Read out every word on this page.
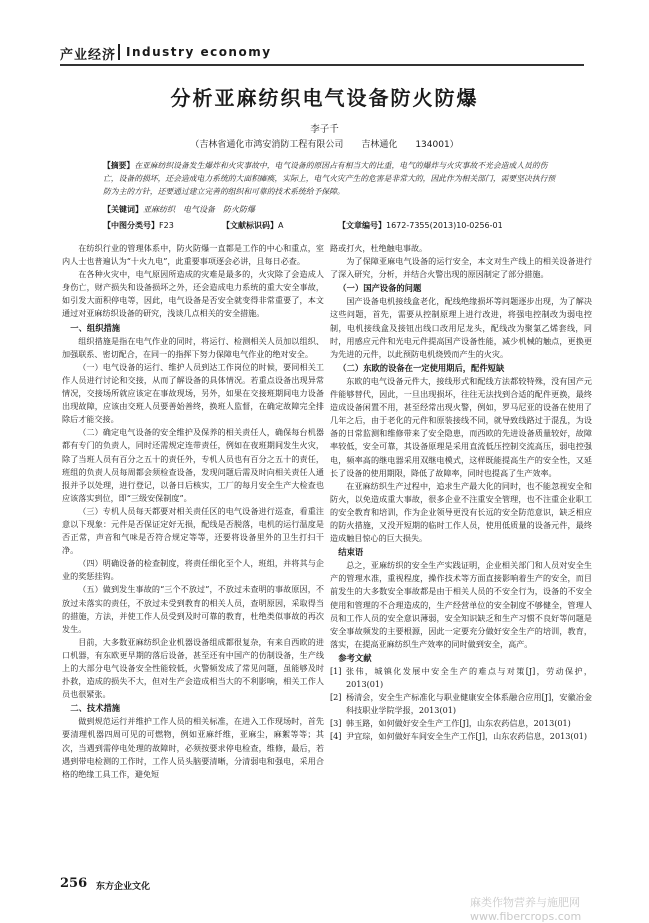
产业经济 Industry economy
分析亚麻纺织电气设备防火防爆
李子千
（吉林省通化市鸿安消防工程有限公司　　吉林通化　　134001）
【摘要】在亚麻纺织设备发生爆炸和火灾事故中，电气设备的原因占有相当大的比重，电气的爆炸与火灾事故不光会造成人员的伤亡，设备的损坏，还会造成电力系统的大面积瘫痪，实际上，电气火灾产生的危害是非常大的，因此作为相关部门，需要坚决执行预防为主的方针，还要通过建立完善的组织和可靠的技术系统给予保障。
【关键词】亚麻纺织　电气设备　防火防爆
【中图分类号】F23	【文献标识码】A	【文章编号】1672-7355(2013)10-0256-01

在纺织行业的管理体系中，防火防爆一直都是工作的中心和重点，室内人士也普遍认为“十火九电”，此重要事项逐会必讲，且每日必查。

在各种火灾中，电气原因所造成的灾难是最多的，火灾除了会造成人身伤亡，财产损失和设备损坏之外，还会造成电力系统的重大安全事故，如引发大面积停电等，因此，电气设备是否安全就变得非常重要了，本文通过对亚麻纺织设备的研究，浅谈几点相关的安全措施。

一、组织措施

组织措施是指在电气作业的同时，将运行、检测相关人员加以组织、加强联系、密切配合，在同一的指挥下努力保障电气作业的绝对安全。

（一）电气设备的运行、维护人员到达工作岗位的时候，要同相关工作人员进行讨论和交接，从而了解设备的具体情况。若重点设备出现异常情况，交接场所就应该定在事故现场，另外，如果在交接班期间电力设备出现故障，应该由交班人员要善始善终，换班人监督，在确定故障完全排除后才能交接。

（二）确定电气设备的安全维护及保养的相关责任人，确保每台机器都有专门的负责人，同时还需规定连带责任，例如在夜班期间发生火灾，除了当班人员有百分之五十的责任外，专机人员也有百分之五十的责任，班组的负责人员每周都会须检查设备，发现问题后需及时向相关责任人通报并予以处理，进行登记，以备日后核实，工厂的每月安全生产大检查也应该落实到位，即“三级安保制度”。

（三）专机人员每天都要对相关责任区的电气设备进行巡查，看重注意以下现象：元件是否保证定好无损，配线是否脱落，电机的运行温度是否正常，声音和气味是否符合规定等等，还要将设备里外的卫生打扫干净。

（四）明确设备的检查制度，将责任细化至个人，班组，并将其与企业的奖惩挂钩。

（五）做到发生事故的“三个不放过”，不放过未查明的事故原因，不放过未落实的责任，不放过未受到教育的相关人员，查明原因，采取得当的措施，方法，并使工作人员受到及时可靠的教育，杜绝类似事故的再次发生。

目前，大多数亚麻纺织企业机器设备组成都很复杂，有来自西欧的进口机器，有东欧更早期的落后设备，甚至还有中国产的仿制设备，生产线上的大部分电气设备安全性能较低，火警频发成了常见问题，虽能够及时扑救，造成的损失不大，但对生产会造成相当大的不利影响，相关工作人员也很紧张。

二、技术措施

做到规范运行并维护工作人员的相关标准，在进入工作现场时，首先要清理机器四周可见的可燃物，例如亚麻纤维，亚麻尘，麻絮等等；其次，当遇到需停电处理的故障时，必须按要求停电检查，维修，最后，若遇到带电检测的工作时，工作人员头脑要清晰，分清弱电和强电，采用合格的绝缘工具工作，避免短

路或打火，杜绝触电事故。

为了保障亚麻电气设备的运行安全，本文对生产线上的相关设备进行了深入研究，分析，并结合火警出现的原因制定了部分措施。

（一）国产设备的问题

国产设备电机接线盒老化，配线绝缘损坏等问题逐步出现，为了解决这些问题，首先，需要从控制原理上进行改进，将强电控制改为弱电控制，电机接线盒及接钮出线口改用尼龙头，配线改为聚氯乙烯套线，同时，用感应元件和光电元件提高国产设备性能，减少机械的触点，更换更为先进的元件，以此预防电机烧毁而产生的火灾。

（二）东欧的设备在一定使用期后，配件短缺

东欧的电气设备元件大，接线形式和配线方法都较特殊，没有国产元件能够替代，因此，一旦出现损坏，往往无法找到合适的配件更换，最终造成设备闲置不用，甚至经常出现火警，例如，罗马尼亚的设备在使用了几年之后，由于老化的元件和原装接线不同，就导致线路过于混乱，为设备的日常监测和维修带来了安全隐患，而西欧的先进设备质量较好，故障率较低，安全可靠，其设备原理是采用直流低压控制交流高压，弱电控强电，频率高的继电器采用双继电模式，这样既能提高生产的安全性，又延长了设备的使用期限，降低了故障率，同时也提高了生产效率。

在亚麻纺织生产过程中，追求生产最大化的同时，也不能忽视安全和防火，以免造成重大事故，很多企业不注重安全管理，也不注重企业职工的安全教育和培训，作为企业领导更没有长远的安全防范意识，缺乏相应的防火措施，又没开短期的临时工作人员，使用低质量的设备元件，最终造成触目惊心的巨大损失。

结束语

总之，亚麻纺织的安全生产实践证明，企业相关部门和人员对安全生产的管理水准，重视程度，操作技术等方面直接影响着生产的安全，而目前发生的大多数安全事故都是由于相关人员的不安全行为，设备的不安全使用和管理的不合理造成的，生产经营单位的安全制度不够健全，管理人员和工作人员的安全意识薄弱，安全知识缺乏和生产习惯不良好等问题是安全事故频发的主要根源，因此一定要充分做好安全生产的培训，教育，落实，在提高亚麻纺织生产效率的同时做到安全，高产。

参考文献

[1] 张伟，城镇化发展中安全生产的难点与对策[J]，劳动保护，2013(01)

[2] 杨清会，安全生产标准化与职业健康安全体系融合应用[J]，安徽冶金科技职业学院学报，2013(01)

[3] 韩玉路，如何做好安全生产工作[J]，山东农药信息，2013(01)

[4] 尹宜琮，如何做好车间安全生产工作[J]，山东农药信息，2013(01)

256 东方企业文化
麻类作物营养与施肥网 www.fibercrops.com
